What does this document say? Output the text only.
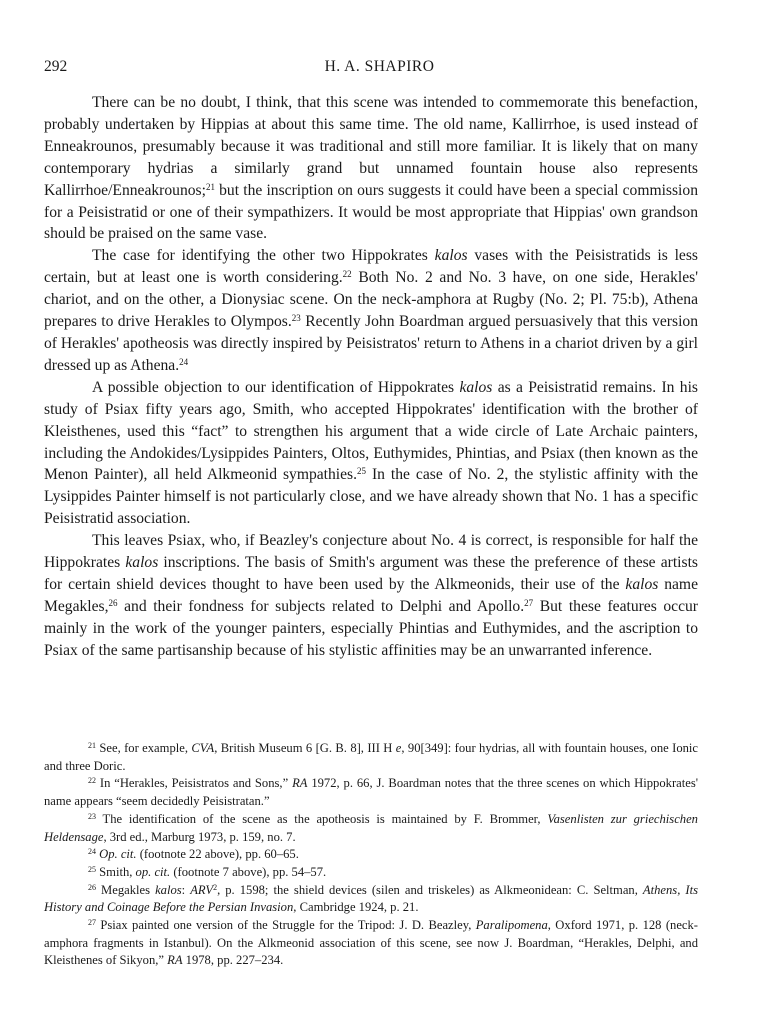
292	H. A. SHAPIRO

There can be no doubt, I think, that this scene was intended to commemorate this benefaction, probably undertaken by Hippias at about this same time. The old name, Kallirrhoe, is used instead of Enneakrounos, presumably because it was traditional and still more familiar. It is likely that on many contemporary hydrias a similarly grand but unnamed fountain house also represents Kallirrhoe/Enneakrounos;$^{21}$ but the inscription on ours suggests it could have been a special commission for a Peisistratid or one of their sympathizers. It would be most appropriate that Hippias' own grandson should be praised on the same vase.

The case for identifying the other two Hippokrates kalos vases with the Peisistratids is less certain, but at least one is worth considering.$^{22}$ Both No. 2 and No. 3 have, on one side, Herakles' chariot, and on the other, a Dionysiac scene. On the neck-amphora at Rugby (No. 2; Pl. 75:b), Athena prepares to drive Herakles to Olympos.$^{23}$ Recently John Boardman argued persuasively that this version of Herakles' apotheosis was directly inspired by Peisistratos' return to Athens in a chariot driven by a girl dressed up as Athena.$^{24}$

A possible objection to our identification of Hippokrates kalos as a Peisistratid remains. In his study of Psiax fifty years ago, Smith, who accepted Hippokrates' identification with the brother of Kleisthenes, used this “fact” to strengthen his argument that a wide circle of Late Archaic painters, including the Andokides/Lysippides Painters, Oltos, Euthymides, Phintias, and Psiax (then known as the Menon Painter), all held Alkmeonid sympathies.$^{25}$ In the case of No. 2, the stylistic affinity with the Lysippides Painter himself is not particularly close, and we have already shown that No. 1 has a specific Peisistratid association.

This leaves Psiax, who, if Beazley's conjecture about No. 4 is correct, is responsible for half the Hippokrates kalos inscriptions. The basis of Smith's argument was these the preference of these artists for certain shield devices thought to have been used by the Alkmeonids, their use of the kalos name Megakles,$^{26}$ and their fondness for subjects related to Delphi and Apollo.$^{27}$ But these features occur mainly in the work of the younger painters, especially Phintias and Euthymides, and the ascription to Psiax of the same partisanship because of his stylistic affinities may be an unwarranted inference.

$^{21}$ See, for example, CVA, British Museum 6 [G. B. 8], III H e, 90[349]: four hydrias, all with fountain houses, one Ionic and three Doric.

$^{22}$ In “Herakles, Peisistratos and Sons,” RA 1972, p. 66, J. Boardman notes that the three scenes on which Hippokrates' name appears “seem decidedly Peisistratan.”

$^{23}$ The identification of the scene as the apotheosis is maintained by F. Brommer, Vasenlisten zur griechischen Heldensage, 3rd ed., Marburg 1973, p. 159, no. 7.

$^{24}$ Op. cit. (footnote 22 above), pp. 60–65.

$^{25}$ Smith, op. cit. (footnote 7 above), pp. 54–57.

$^{26}$ Megakles kalos: ARV$^2$, p. 1598; the shield devices (silen and triskeles) as Alkmeonidean: C. Seltman, Athens, Its History and Coinage Before the Persian Invasion, Cambridge 1924, p. 21.

$^{27}$ Psiax painted one version of the Struggle for the Tripod: J. D. Beazley, Paralipomena, Oxford 1971, p. 128 (neck-amphora fragments in Istanbul). On the Alkmeonid association of this scene, see now J. Boardman, “Herakles, Delphi, and Kleisthenes of Sikyon,” RA 1978, pp. 227–234.
